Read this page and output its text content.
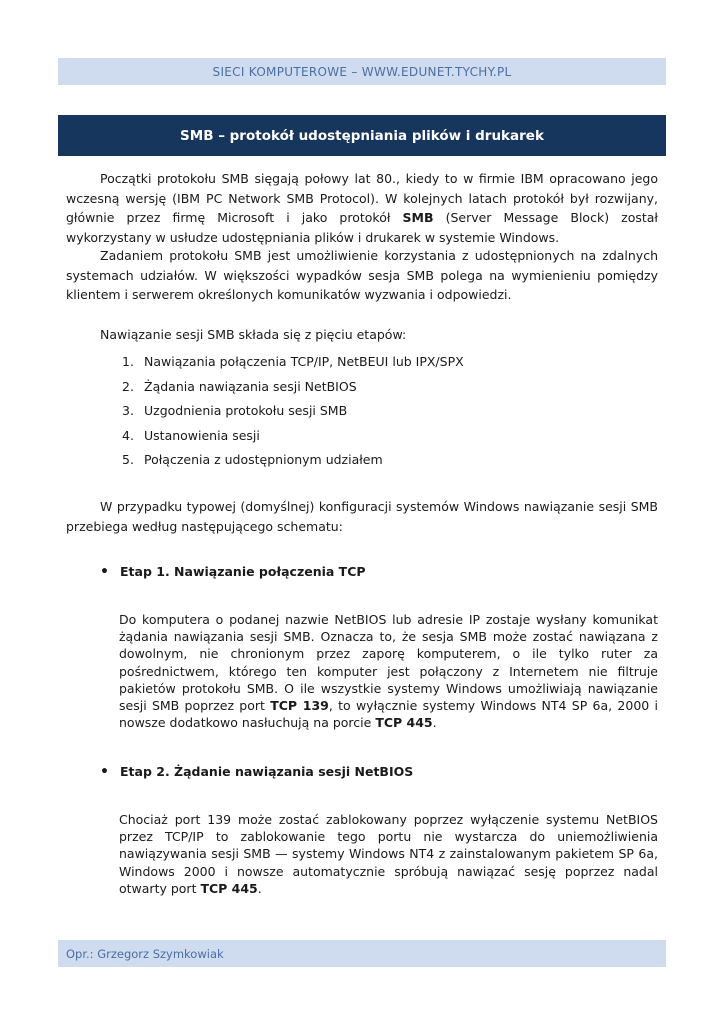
SIECI KOMPUTEROWE – WWW.EDUNET.TYCHY.PL
SMB – protokół udostępniania plików i drukarek

Początki protokołu SMB sięgają połowy lat 80., kiedy to w firmie IBM opracowano jego wczesną wersję (IBM PC Network SMB Protocol). W kolejnych latach protokół był rozwijany, głównie przez firmę Microsoft i jako protokół SMB (Server Message Block) został wykorzystany w usłudze udostępniania plików i drukarek w systemie Windows.

Zadaniem protokołu SMB jest umożliwienie korzystania z udostępnionych na zdalnych systemach udziałów. W większości wypadków sesja SMB polega na wymienieniu pomiędzy klientem i serwerem określonych komunikatów wyzwania i odpowiedzi.

Nawiązanie sesji SMB składa się z pięciu etapów:

1. Nawiązania połączenia TCP/IP, NetBEUI lub IPX/SPX
2. Żądania nawiązania sesji NetBIOS
3. Uzgodnienia protokołu sesji SMB
4. Ustanowienia sesji
5. Połączenia z udostępnionym udziałem

W przypadku typowej (domyślnej) konfiguracji systemów Windows nawiązanie sesji SMB przebiega według następującego schematu:

• Etap 1. Nawiązanie połączenia TCP

Do komputera o podanej nazwie NetBIOS lub adresie IP zostaje wysłany komunikat żądania nawiązania sesji SMB. Oznacza to, że sesja SMB może zostać nawiązana z dowolnym, nie chronionym przez zaporę komputerem, o ile tylko ruter za pośrednictwem, którego ten komputer jest połączony z Internetem nie filtruje pakietów protokołu SMB. O ile wszystkie systemy Windows umożliwiają nawiązanie sesji SMB poprzez port TCP 139, to wyłącznie systemy Windows NT4 SP 6a, 2000 i nowsze dodatkowo nasłuchują na porcie TCP 445.

• Etap 2. Żądanie nawiązania sesji NetBIOS

Chociaż port 139 może zostać zablokowany poprzez wyłączenie systemu NetBIOS przez TCP/IP to zablokowanie tego portu nie wystarcza do uniemożliwienia nawiązywania sesji SMB — systemy Windows NT4 z zainstalowanym pakietem SP 6a, Windows 2000 i nowsze automatycznie spróbują nawiązać sesję poprzez nadal otwarty port TCP 445.

Opr.: Grzegorz Szymkowiak
